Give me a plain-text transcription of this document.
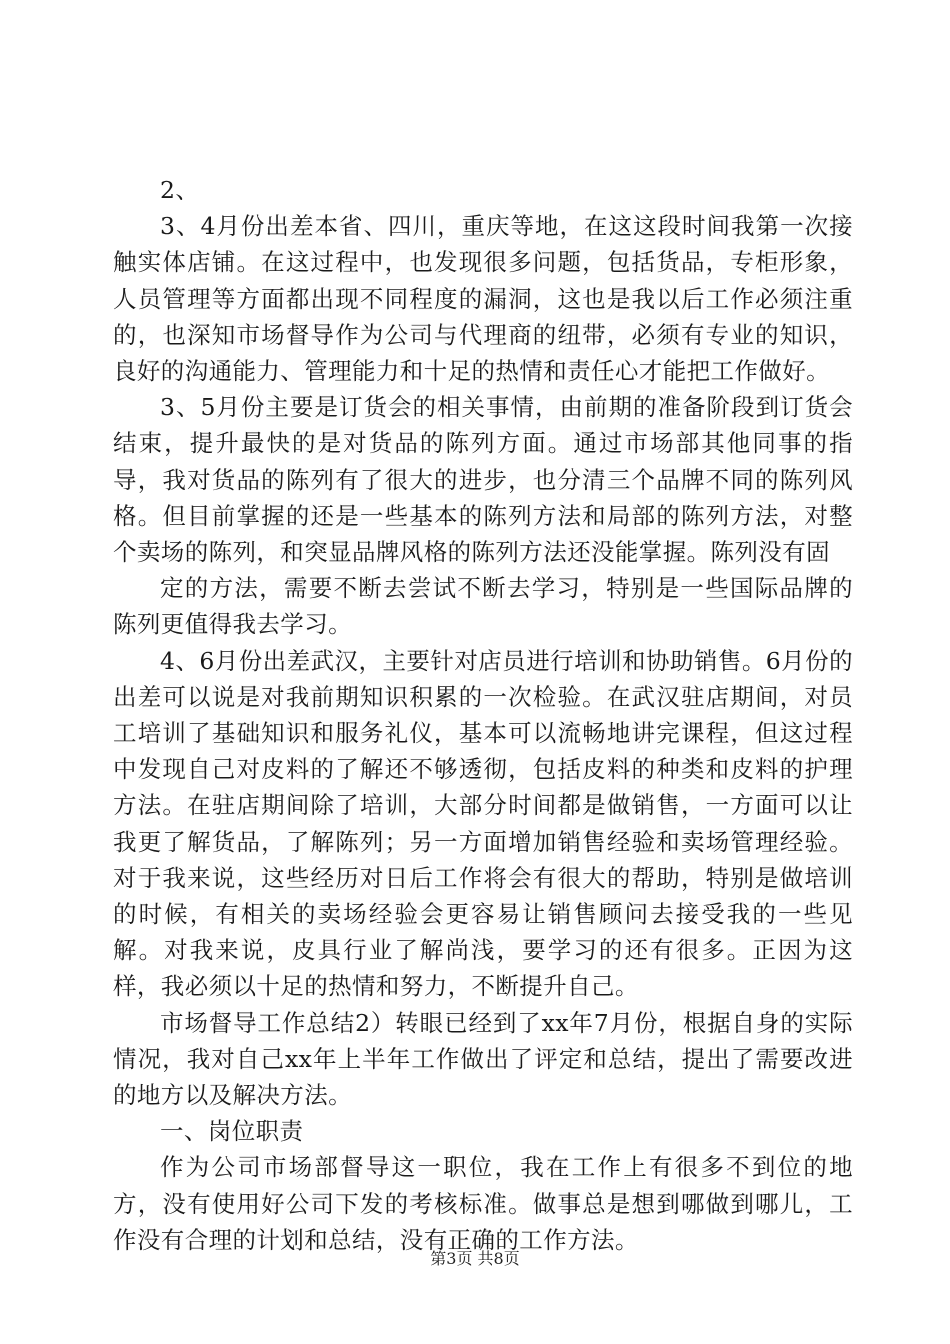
2、

3、4月份出差本省、四川，重庆等地，在这这段时间我第一次接触实体店铺。在这过程中，也发现很多问题，包括货品，专柜形象，人员管理等方面都出现不同程度的漏洞，这也是我以后工作必须注重的，也深知市场督导作为公司与代理商的纽带，必须有专业的知识，良好的沟通能力、管理能力和十足的热情和责任心才能把工作做好。

3、5月份主要是订货会的相关事情，由前期的准备阶段到订货会结束，提升最快的是对货品的陈列方面。通过市场部其他同事的指导，我对货品的陈列有了很大的进步，也分清三个品牌不同的陈列风格。但目前掌握的还是一些基本的陈列方法和局部的陈列方法，对整个卖场的陈列，和突显品牌风格的陈列方法还没能掌握。陈列没有固

定的方法，需要不断去尝试不断去学习，特别是一些国际品牌的陈列更值得我去学习。

4、6月份出差武汉，主要针对店员进行培训和协助销售。6月份的出差可以说是对我前期知识积累的一次检验。在武汉驻店期间，对员工培训了基础知识和服务礼仪，基本可以流畅地讲完课程，但这过程中发现自己对皮料的了解还不够透彻，包括皮料的种类和皮料的护理方法。在驻店期间除了培训，大部分时间都是做销售，一方面可以让我更了解货品，了解陈列；另一方面增加销售经验和卖场管理经验。对于我来说，这些经历对日后工作将会有很大的帮助，特别是做培训的时候，有相关的卖场经验会更容易让销售顾问去接受我的一些见解。对我来说，皮具行业了解尚浅，要学习的还有很多。正因为这样，我必须以十足的热情和努力，不断提升自己。

市场督导工作总结2）转眼已经到了xx年7月份，根据自身的实际情况，我对自己xx年上半年工作做出了评定和总结，提出了需要改进的地方以及解决方法。

一、岗位职责

作为公司市场部督导这一职位，我在工作上有很多不到位的地方，没有使用好公司下发的考核标准。做事总是想到哪做到哪儿，工作没有合理的计划和总结，没有正确的工作方法。

第3页 共8页
